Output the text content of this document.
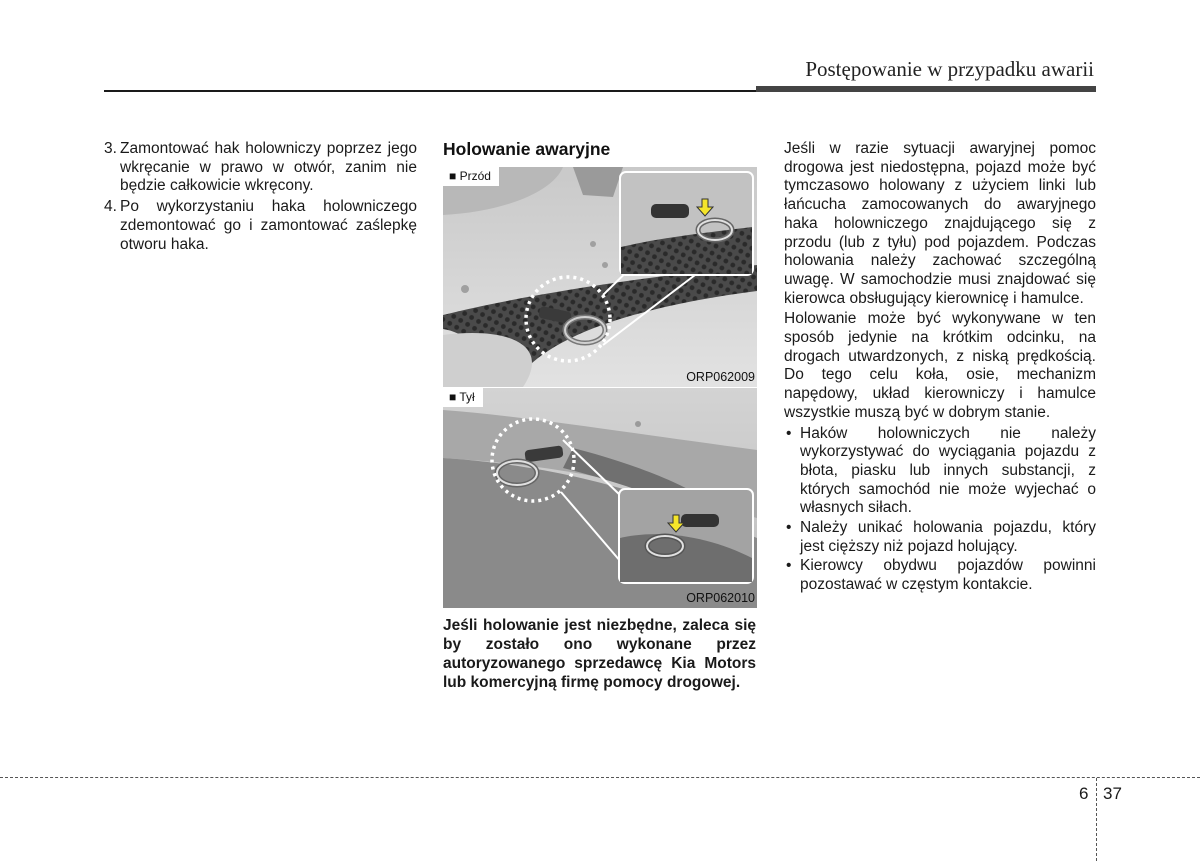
Postępowanie w przypadku awarii
3. Zamontować hak holowniczy poprzez jego wkręcanie w prawo w otwór, zanim nie będzie całkowicie wkręcony.
4. Po wykorzystaniu haka holowniczego zdemontować go i zamontować zaślepkę otworu haka.
Holowanie awaryjne
■ Przód
ORP062009
■ Tył
ORP062010
Jeśli holowanie jest niezbędne, zaleca się by zostało ono wykonane przez autoryzowanego sprzedawcę Kia Motors lub komercyjną firmę pomocy drogowej.

Jeśli w razie sytuacji awaryjnej pomoc drogowa jest niedostępna, pojazd może być tymczasowo holowany z użyciem linki lub łańcucha zamocowanych do awaryjnego haka holowniczego znajdującego się z przodu (lub z tyłu) pod pojazdem. Podczas holowania należy zachować szczególną uwagę. W samochodzie musi znajdować się kierowca obsługujący kierownicę i hamulce.

Holowanie może być wykonywane w ten sposób jedynie na krótkim odcinku, na drogach utwardzonych, z niską prędkością. Do tego celu koła, osie, mechanizm napędowy, układ kierowniczy i hamulce wszystkie muszą być w dobrym stanie.

• Haków holowniczych nie należy wykorzystywać do wyciągania pojazdu z błota, piasku lub innych substancji, z których samochód nie może wyjechać o własnych siłach.
• Należy unikać holowania pojazdu, który jest cięższy niż pojazd holujący.
• Kierowcy obydwu pojazdów powinni pozostawać w częstym kontakcie.
6 37
